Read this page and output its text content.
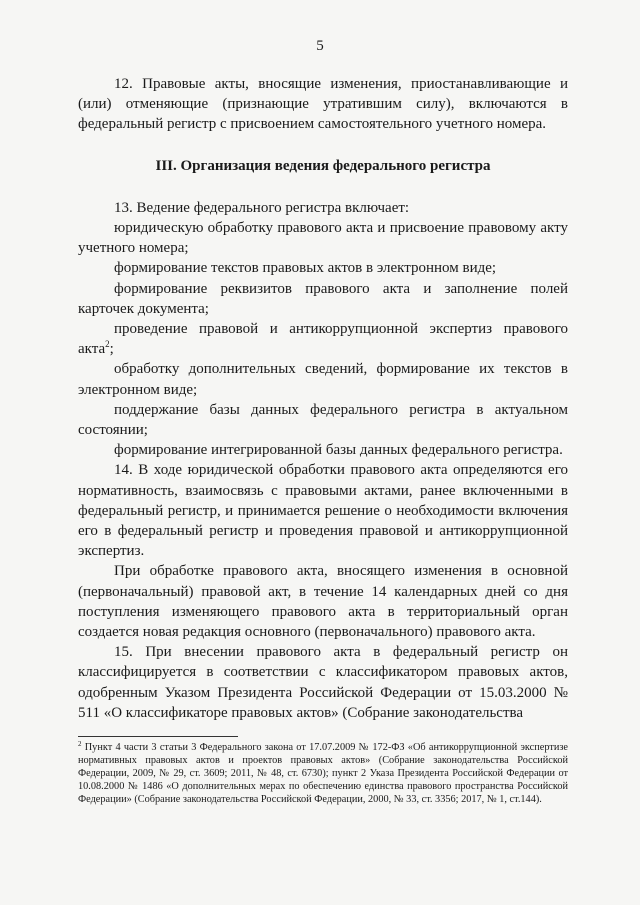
5

12. Правовые акты, вносящие изменения, приостанавливающие и (или) отменяющие (признающие утратившим силу), включаются в федеральный регистр с присвоением самостоятельного учетного номера.

III. Организация ведения федерального регистра

13. Ведение федерального регистра включает:

юридическую обработку правового акта и присвоение правовому акту учетного номера;

формирование текстов правовых актов в электронном виде;

формирование реквизитов правового акта и заполнение полей карточек документа;

проведение правовой и антикоррупционной экспертиз правового акта$^2$;

обработку дополнительных сведений, формирование их текстов в электронном виде;

поддержание базы данных федерального регистра в актуальном состоянии;

формирование интегрированной базы данных федерального регистра.

14. В ходе юридической обработки правового акта определяются его нормативность, взаимосвязь с правовыми актами, ранее включенными в федеральный регистр, и принимается решение о необходимости включения его в федеральный регистр и проведения правовой и антикоррупционной экспертиз.

При обработке правового акта, вносящего изменения в основной (первоначальный) правовой акт, в течение 14 календарных дней со дня поступления изменяющего правового акта в территориальный орган создается новая редакция основного (первоначального) правового акта.

15. При внесении правового акта в федеральный регистр он классифицируется в соответствии с классификатором правовых актов, одобренным Указом Президента Российской Федерации от 15.03.2000 № 511 «О классификаторе правовых актов» (Собрание законодательства

$^2$ Пункт 4 части 3 статьи 3 Федерального закона от 17.07.2009 № 172-ФЗ «Об антикоррупционной экспертизе нормативных правовых актов и проектов правовых актов» (Собрание законодательства Российской Федерации, 2009, № 29, ст. 3609; 2011, № 48, ст. 6730); пункт 2 Указа Президента Российской Федерации от 10.08.2000 № 1486 «О дополнительных мерах по обеспечению единства правового пространства Российской Федерации» (Собрание законодательства Российской Федерации, 2000, № 33, ст. 3356; 2017, № 1, ст.144).
